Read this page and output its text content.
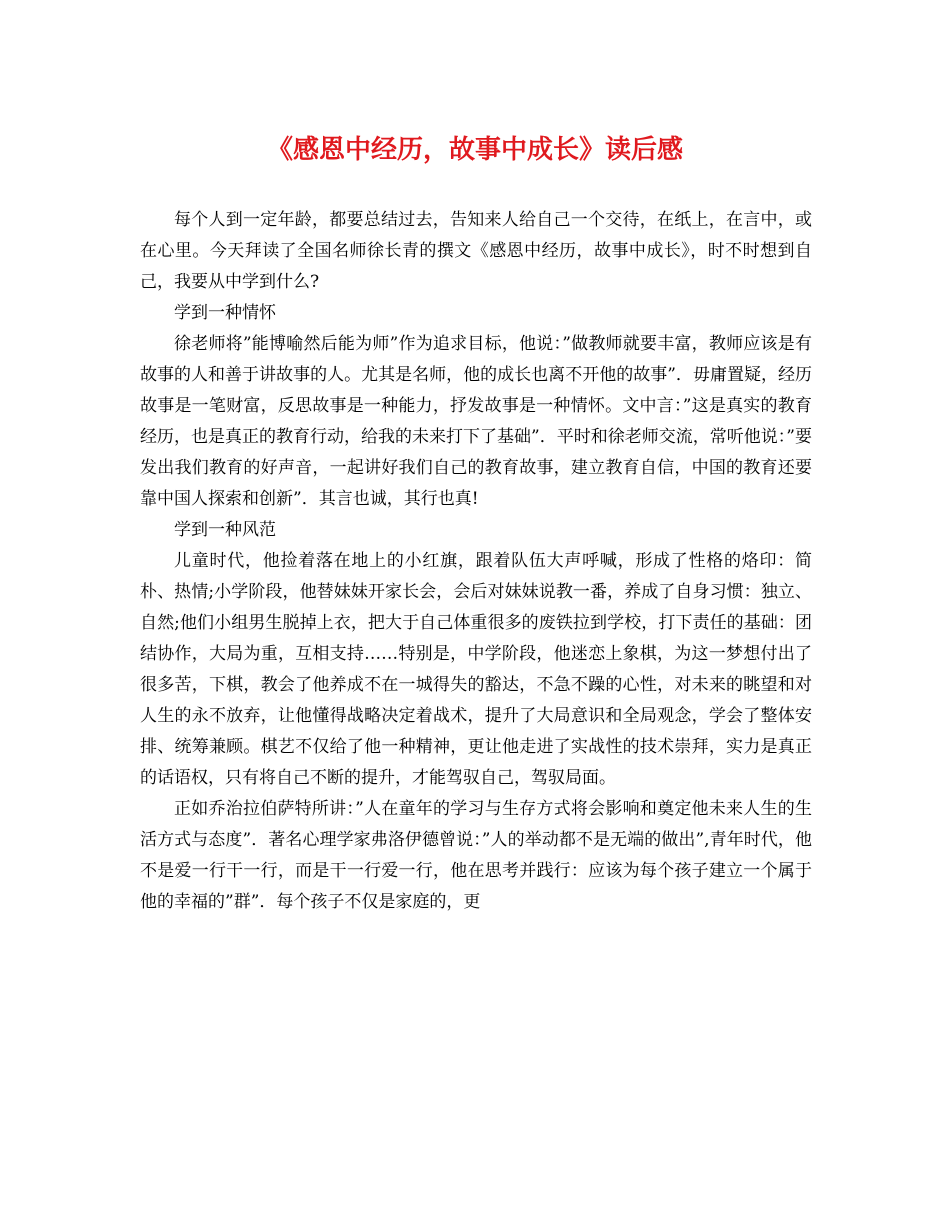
《感恩中经历，故事中成长》读后感

每个人到一定年龄，都要总结过去，告知来人给自己一个交待，在纸上，在言中，或在心里。今天拜读了全国名师徐长青的撰文《感恩中经历，故事中成长》，时不时想到自己，我要从中学到什么?

学到一种情怀

徐老师将”能博喻然后能为师”作为追求目标，他说：”做教师就要丰富，教师应该是有故事的人和善于讲故事的人。尤其是名师，他的成长也离不开他的故事”．毋庸置疑，经历故事是一笔财富，反思故事是一种能力，抒发故事是一种情怀。文中言：”这是真实的教育经历，也是真正的教育行动，给我的未来打下了基础”．平时和徐老师交流，常听他说：”要发出我们教育的好声音，一起讲好我们自己的教育故事，建立教育自信，中国的教育还要靠中国人探索和创新”．其言也诚，其行也真!

学到一种风范

儿童时代，他捡着落在地上的小红旗，跟着队伍大声呼喊，形成了性格的烙印：简朴、热情;小学阶段，他替妹妹开家长会，会后对妹妹说教一番，养成了自身习惯：独立、自然;他们小组男生脱掉上衣，把大于自己体重很多的废铁拉到学校，打下责任的基础：团结协作，大局为重，互相支持……特别是，中学阶段，他迷恋上象棋，为这一梦想付出了很多苦，下棋，教会了他养成不在一城得失的豁达，不急不躁的心性，对未来的眺望和对人生的永不放弃，让他懂得战略决定着战术，提升了大局意识和全局观念，学会了整体安排、统筹兼顾。棋艺不仅给了他一种精神，更让他走进了实战性的技术崇拜，实力是真正的话语权，只有将自己不断的提升，才能驾驭自己，驾驭局面。

正如乔治拉伯萨特所讲：”人在童年的学习与生存方式将会影响和奠定他未来人生的生活方式与态度”．著名心理学家弗洛伊德曾说：”人的举动都不是无端的做出”,青年时代，他不是爱一行干一行，而是干一行爱一行，他在思考并践行：应该为每个孩子建立一个属于他的幸福的”群”．每个孩子不仅是家庭的，更
